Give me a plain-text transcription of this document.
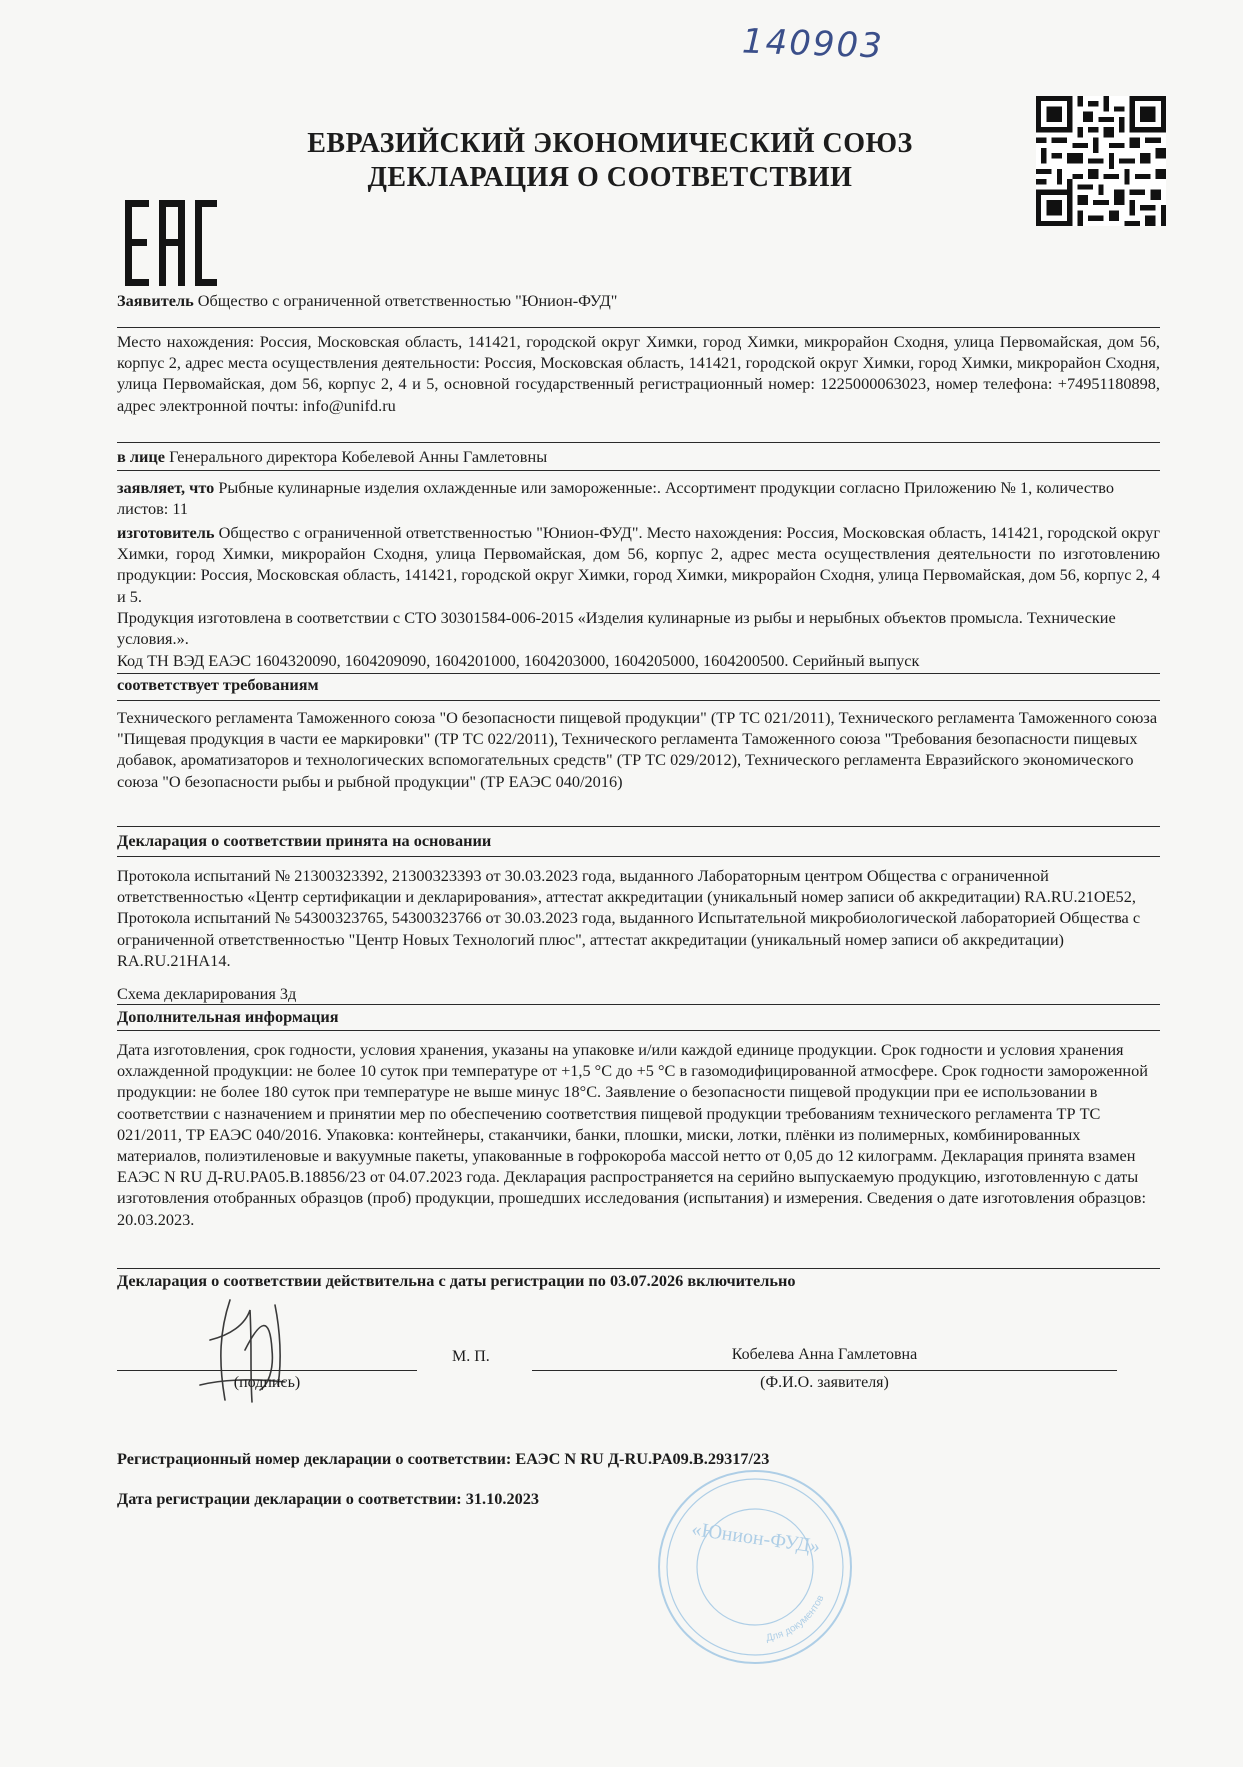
140903
ЕВРАЗИЙСКИЙ ЭКОНОМИЧЕСКИЙ СОЮЗ
ДЕКЛАРАЦИЯ О СООТВЕТСТВИИ
Заявитель Общество с ограниченной ответственностью "Юнион-ФУД"
Место нахождения: Россия, Московская область, 141421, городской округ Химки, город Химки, микрорайон Сходня, улица Первомайская, дом 56, корпус 2, адрес места осуществления деятельности: Россия, Московская область, 141421, городской округ Химки, город Химки, микрорайон Сходня, улица Первомайская, дом 56, корпус 2, 4 и 5, основной государственный регистрационный номер: 1225000063023, номер телефона: +74951180898, адрес электронной почты: info@unifd.ru
в лице Генерального директора Кобелевой Анны Гамлетовны
заявляет, что Рыбные кулинарные изделия охлажденные или замороженные:. Ассортимент продукции согласно Приложению № 1, количество листов: 11
изготовитель Общество с ограниченной ответственностью "Юнион-ФУД". Место нахождения: Россия, Московская область, 141421, городской округ Химки, город Химки, микрорайон Сходня, улица Первомайская, дом 56, корпус 2, адрес места осуществления деятельности по изготовлению продукции: Россия, Московская область, 141421, городской округ Химки, город Химки, микрорайон Сходня, улица Первомайская, дом 56, корпус 2, 4 и 5.
Продукция изготовлена в соответствии с СТО 30301584-006-2015 «Изделия кулинарные из рыбы и нерыбных объектов промысла. Технические условия.».
Код ТН ВЭД ЕАЭС 1604320090, 1604209090, 1604201000, 1604203000, 1604205000, 1604200500. Серийный выпуск
соответствует требованиям
Технического регламента Таможенного союза "О безопасности пищевой продукции" (ТР ТС 021/2011), Технического регламента Таможенного союза "Пищевая продукция в части ее маркировки" (ТР ТС 022/2011), Технического регламента Таможенного союза "Требования безопасности пищевых добавок, ароматизаторов и технологических вспомогательных средств" (ТР ТС 029/2012), Технического регламента Евразийского экономического союза "О безопасности рыбы и рыбной продукции" (ТР ЕАЭС 040/2016)
Декларация о соответствии принята на основании
Протокола испытаний № 21300323392, 21300323393 от 30.03.2023 года, выданного Лабораторным центром Общества с ограниченной ответственностью «Центр сертификации и декларирования», аттестат аккредитации (уникальный номер записи об аккредитации) RA.RU.21OE52, Протокола испытаний № 54300323765, 54300323766 от 30.03.2023 года, выданного Испытательной микробиологической лабораторией Общества с ограниченной ответственностью "Центр Новых Технологий плюс", аттестат аккредитации (уникальный номер записи об аккредитации) RA.RU.21НА14.
Схема декларирования 3д
Дополнительная информация
Дата изготовления, срок годности, условия хранения, указаны на упаковке и/или каждой единице продукции. Срок годности и условия хранения охлажденной продукции: не более 10 суток при температуре от +1,5 °С до +5 °С в газомодифицированной атмосфере. Срок годности замороженной продукции: не более 180 суток при температуре не выше минус 18°С. Заявление о безопасности пищевой продукции при ее использовании в соответствии с назначением и принятии мер по обеспечению соответствия пищевой продукции требованиям технического регламента ТР ТС 021/2011, ТР ЕАЭС 040/2016. Упаковка: контейнеры, стаканчики, банки, плошки, миски, лотки, плёнки из полимерных, комбинированных материалов, полиэтиленовые и вакуумные пакеты, упакованные в гофрокороба массой нетто от 0,05 до 12 килограмм. Декларация принята взамен ЕАЭС N RU Д-RU.PA05.B.18856/23 от 04.07.2023 года. Декларация распространяется на серийно выпускаемую продукцию, изготовленную с даты изготовления отобранных образцов (проб) продукции, прошедших исследования (испытания) и измерения. Сведения о дате изготовления образцов: 20.03.2023.
Декларация о соответствии действительна с даты регистрации по 03.07.2026 включительно
(подпись)
М. П.	Кобелева Анна Гамлетовна
(Ф.И.О. заявителя)
Регистрационный номер декларации о соответствии: ЕАЭС N RU Д-RU.PA09.B.29317/23
Дата регистрации декларации о соответствии: 31.10.2023
«Юнион-ФУД»
Для документов
